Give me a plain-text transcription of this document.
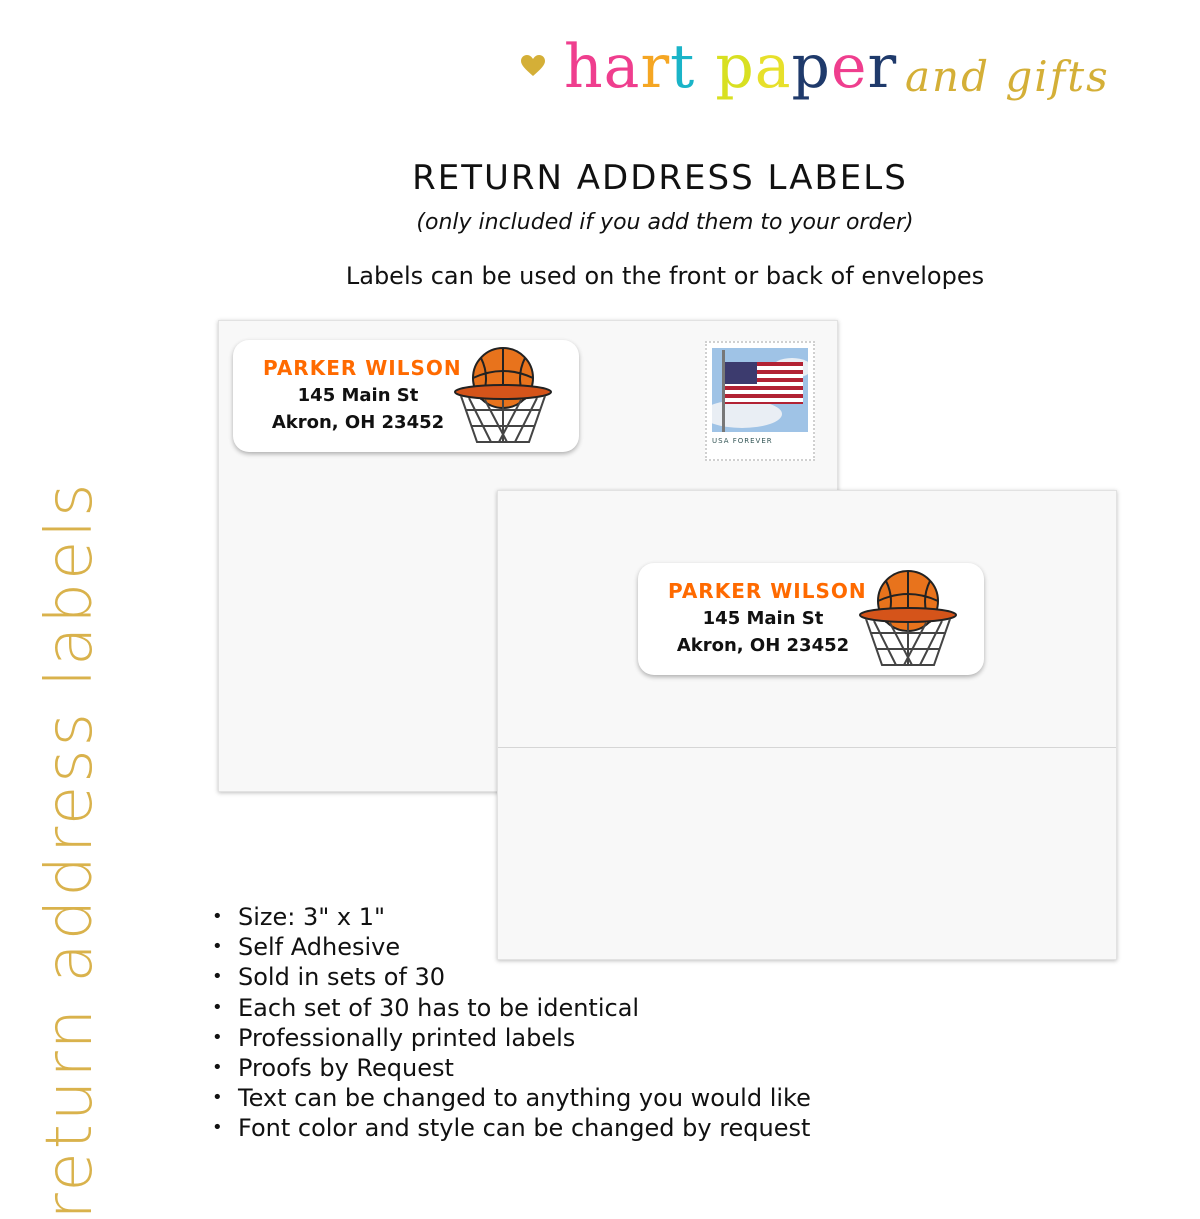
hart paper and gifts
return address labels
RETURN ADDRESS LABELS
(only included if you add them to your order)
Labels can be used on the front or back of envelopes
PARKER WILSON
145 Main St
Akron, OH 23452
USA FOREVER
PARKER WILSON
145 Main St
Akron, OH 23452
• Size: 3" x 1"
• Self Adhesive
• Sold in sets of 30
• Each set of 30 has to be identical
• Professionally printed labels
• Proofs by Request
• Text can be changed to anything you would like
• Font color and style can be changed by request
